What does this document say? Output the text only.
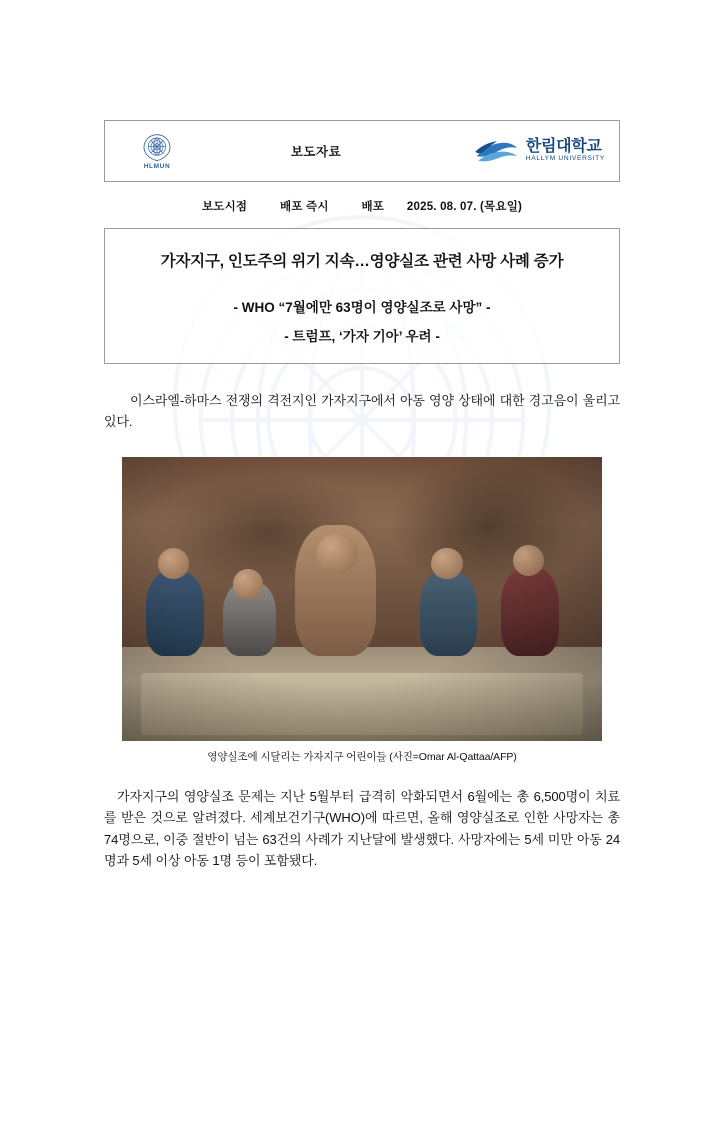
HLMUN
보도자료	한림대학교
HALLYM UNIVERSITY
보도시점	배포 즉시	배포 2025. 08. 07. (목요일)
가자지구, 인도주의 위기 지속…영양실조 관련 사망 사례 증가
- WHO “7월에만 63명이 영양실조로 사망” -
- 트럼프, ‘가자 기아’ 우려 -

이스라엘-하마스 전쟁의 격전지인 가자지구에서 아동 영양 상태에 대한 경고음이 울리고 있다.

영양실조에 시달리는 가자지구 어린이들 (사진=Omar Al-Qattaa/AFP)

가자지구의 영양실조 문제는 지난 5월부터 급격히 악화되면서 6월에는 총 6,500명이 치료를 받은 것으로 알려졌다. 세계보건기구(WHO)에 따르면, 올해 영양실조로 인한 사망자는 총 74명으로, 이중 절반이 넘는 63건의 사례가 지난달에 발생했다. 사망자에는 5세 미만 아동 24명과 5세 이상 아동 1명 등이 포함됐다.
